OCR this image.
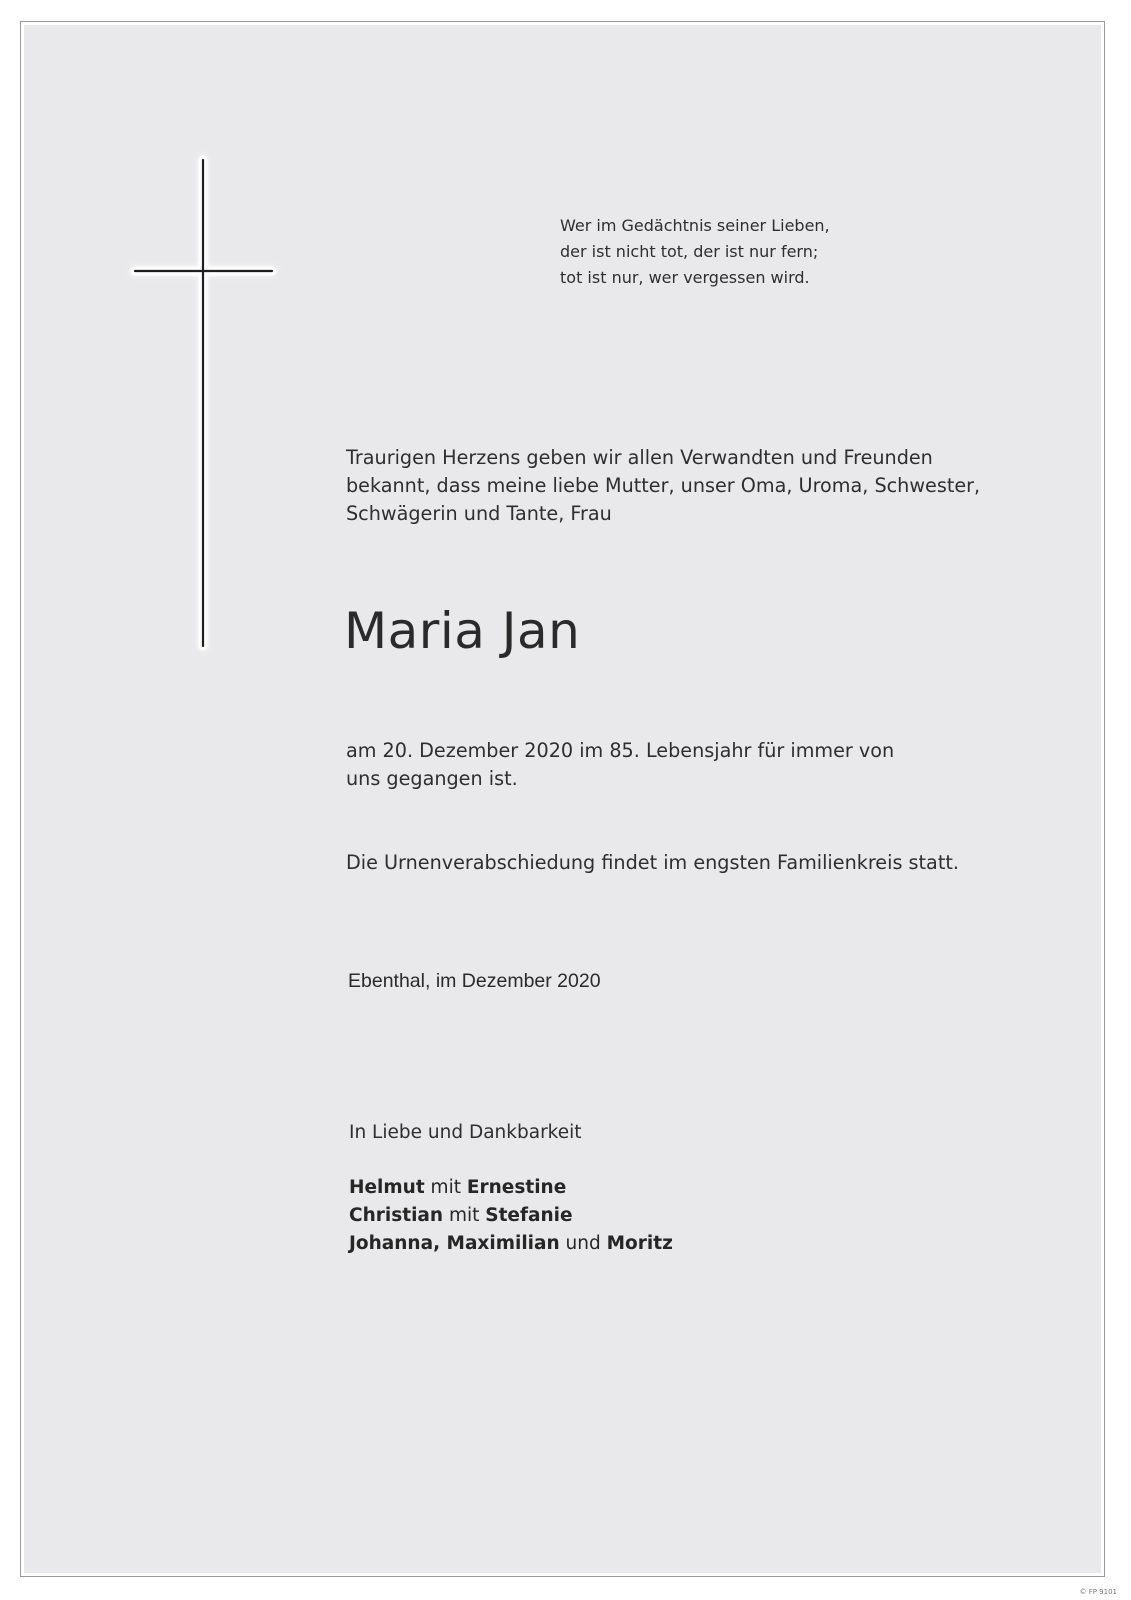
Wer im Gedächtnis seiner Lieben,
der ist nicht tot, der ist nur fern;
tot ist nur, wer vergessen wird.
Traurigen Herzens geben wir allen Verwandten und Freunden
bekannt, dass meine liebe Mutter, unser Oma, Uroma, Schwester,
Schwägerin und Tante, Frau
Maria Jan
am 20. Dezember 2020 im 85. Lebensjahr für immer von
uns gegangen ist.
Die Urnenverabschiedung findet im engsten Familienkreis statt.
Ebenthal, im Dezember 2020
In Liebe und Dankbarkeit
Helmut mit Ernestine
Christian mit Stefanie
Johanna, Maximilian und Moritz
© FP 9101
